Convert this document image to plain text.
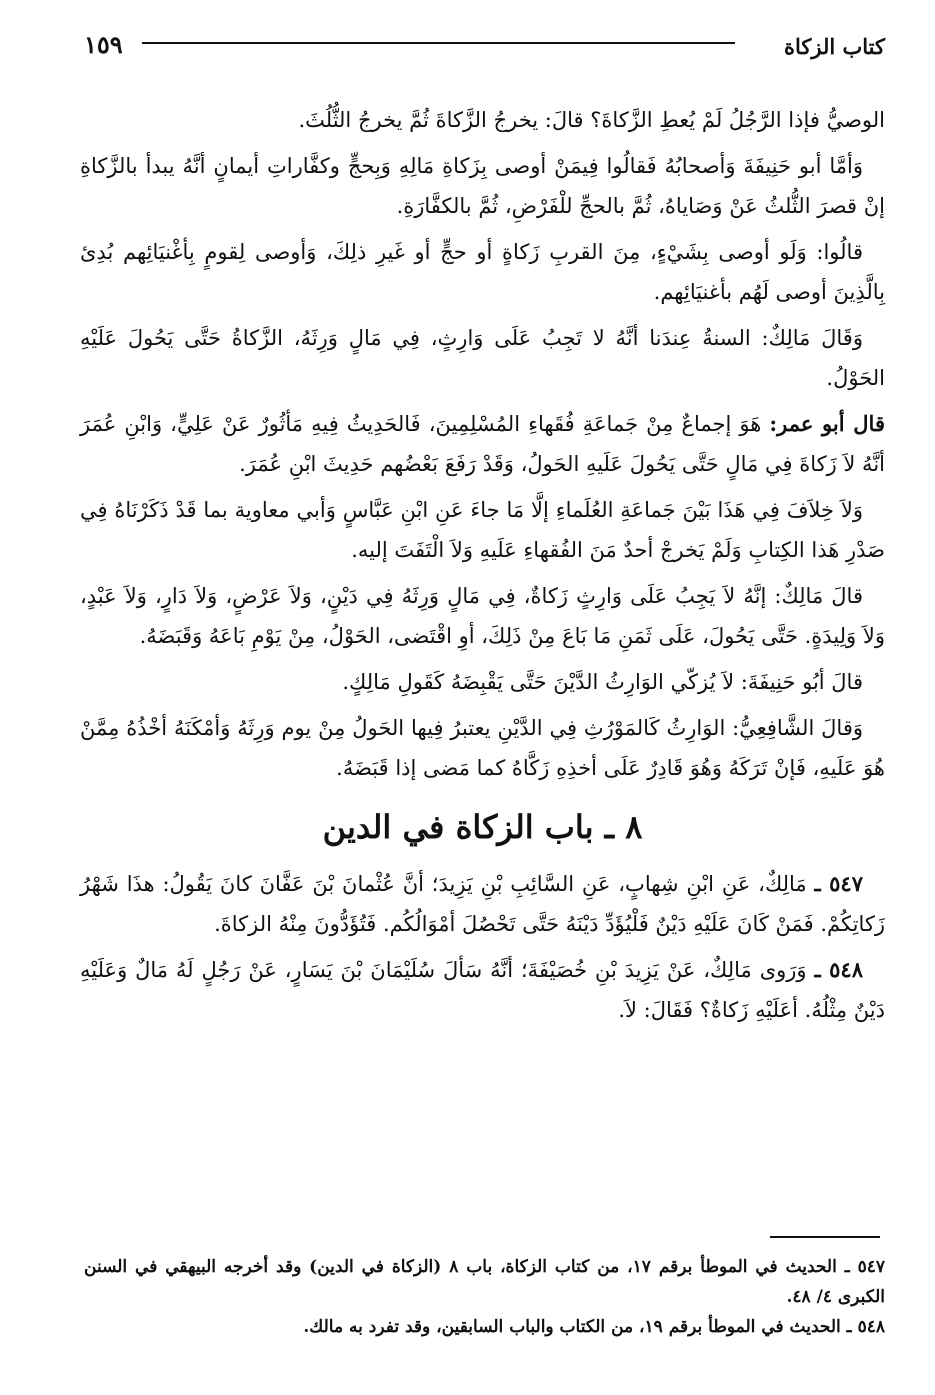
كتاب الزكاة
١٥٩

الوصيُّ فإذا الرَّجُلُ لَمْ يُعطِ الزَّكاةَ؟ قالَ: يخرجُ الزَّكاةَ ثُمَّ يخرجُ الثُّلُثَ.

وَأمَّا أبو حَنِيفَةَ وَأصحابُهُ فَقالُوا فِيمَنْ أوصى بِزَكاةِ مَالِهِ وَبِحجٍّ وكفَّاراتِ أيمانٍ أنَّهُ يبدأ بالزَّكاةِ إنْ قصرَ الثُّلثُ عَنْ وَصَاياهُ، ثُمَّ بالحجِّ للْفَرْضِ، ثُمَّ بالكفَّارَةِ.

قالُوا: وَلَو أوصى بِشَيْءٍ، مِنَ القربِ زَكاةٍ أو حجٍّ أو غَيرِ ذلِكَ، وَأوصى لِقومٍ بِأغْنيَائِهم بُدِئ بِالَّذِينَ أوصى لَهُم بأغنيَائِهم.

وَقَالَ مَالِكٌ: السنةُ عِندَنا أنَّهُ لا تَجِبُ عَلَى وَارِثٍ، فِي مَالٍ وَرِثَهُ، الزَّكاةُ حَتَّى يَحُولَ عَلَيْهِ الحَوْلُ.

قال أبو عمر: هَوَ إجماعٌ مِنْ جَماعَةِ فُقَهاءِ المُسْلِمِينَ، فَالحَدِيثُ فِيهِ مَأثُورٌ عَنْ عَلِيٍّ، وَابْنِ عُمَرَ أنَّهُ لاَ زَكاةَ فِي مَالٍ حَتَّى يَحُولَ عَلَيهِ الحَولُ، وَقَدْ رَفَعَ بَعْضُهم حَدِيثَ ابْنِ عُمَرَ.

وَلاَ خِلاَفَ فِي هَذَا بَيْنَ جَماعَةِ العُلَماءِ إلَّا مَا جاءَ عَنِ ابْنِ عَبَّاسٍ وَأبي معاوية بما قَدْ ذَكَرْنَاهُ فِي صَدْرِ هَذا الكِتابِ وَلَمْ يَخرجْ أحدٌ مَنَ الفُقهاءِ عَلَيهِ وَلاَ الْتَفَتَ إليه.

قالَ مَالِكٌ: إنَّهُ لاَ يَجِبُ عَلَى وَارِثٍ زَكاةٌ، فِي مَالٍ وَرِثَهُ فِي دَيْنٍ، وَلاَ عَرْضٍ، وَلاَ دَارٍ، وَلاَ عَبْدٍ، وَلاَ وَلِيدَةٍ. حَتَّى يَحُولَ، عَلَى ثَمَنِ مَا بَاعَ مِنْ ذَلِكَ، أوِ اقْتَضى، الحَوْلُ، مِنْ يَوْمِ بَاعَهُ وَقَبَضَهُ.

قالَ أبُو حَنِيفَةَ: لاَ يُزكّي الوَارِثُ الدَّيْنَ حَتَّى يَقْبِضَهُ كَقَولِ مَالِكٍ.

وَقالَ الشَّافِعِيُّ: الوَارِثُ كَالمَوْرُثِ فِي الدَّيْنِ يعتبرُ فِيها الحَولُ مِنْ يوم وَرِثَهُ وَأمْكَنَهُ أخْذُهُ مِمَّنْ هُوَ عَلَيهِ، فَإنْ تَرَكَهُ وَهُوَ قَادِرٌ عَلَى أخذِهِ زَكَّاهُ كما مَضى إذا قَبَضَهُ.

٨ ـ باب الزكاة في الدين

٥٤٧ ـ مَالِكٌ، عَنِ ابْنِ شِهابٍ، عَنِ السَّائِبِ بْنِ يَزِيدَ؛ أنَّ عُثْمانَ بْنَ عَفَّانَ كانَ يَقُولُ: هذَا شَهْرُ زَكاتِكُمْ. فَمَنْ كَانَ عَلَيْهِ دَيْنٌ فَلْيُؤَدِّ دَيْنَهُ حَتَّى تَحْصُلَ أمْوَالُكُم. فَتُؤَدُّونَ مِنْهُ الزكاةَ.

٥٤٨ ـ وَرَوى مَالِكٌ، عَنْ يَزِيدَ بْنِ خُصَيْفَةَ؛ أنَّهُ سَألَ سُلَيْمَانَ بْنَ يَسَارٍ، عَنْ رَجُلٍ لَهُ مَالٌ وَعَلَيْهِ دَيْنٌ مِثْلُهُ. أعَلَيْهِ زَكاةٌ؟ فَقَالَ: لاَ.

٥٤٧ ـ الحديث في الموطأ برقم ١٧، من كتاب الزكاة، باب ٨ (الزكاة في الدين) وقد أخرجه البيهقي في السنن الكبرى ٤/ ٤٨.

٥٤٨ ـ الحديث في الموطأ برقم ١٩، من الكتاب والباب السابقين، وقد تفرد به مالك.
